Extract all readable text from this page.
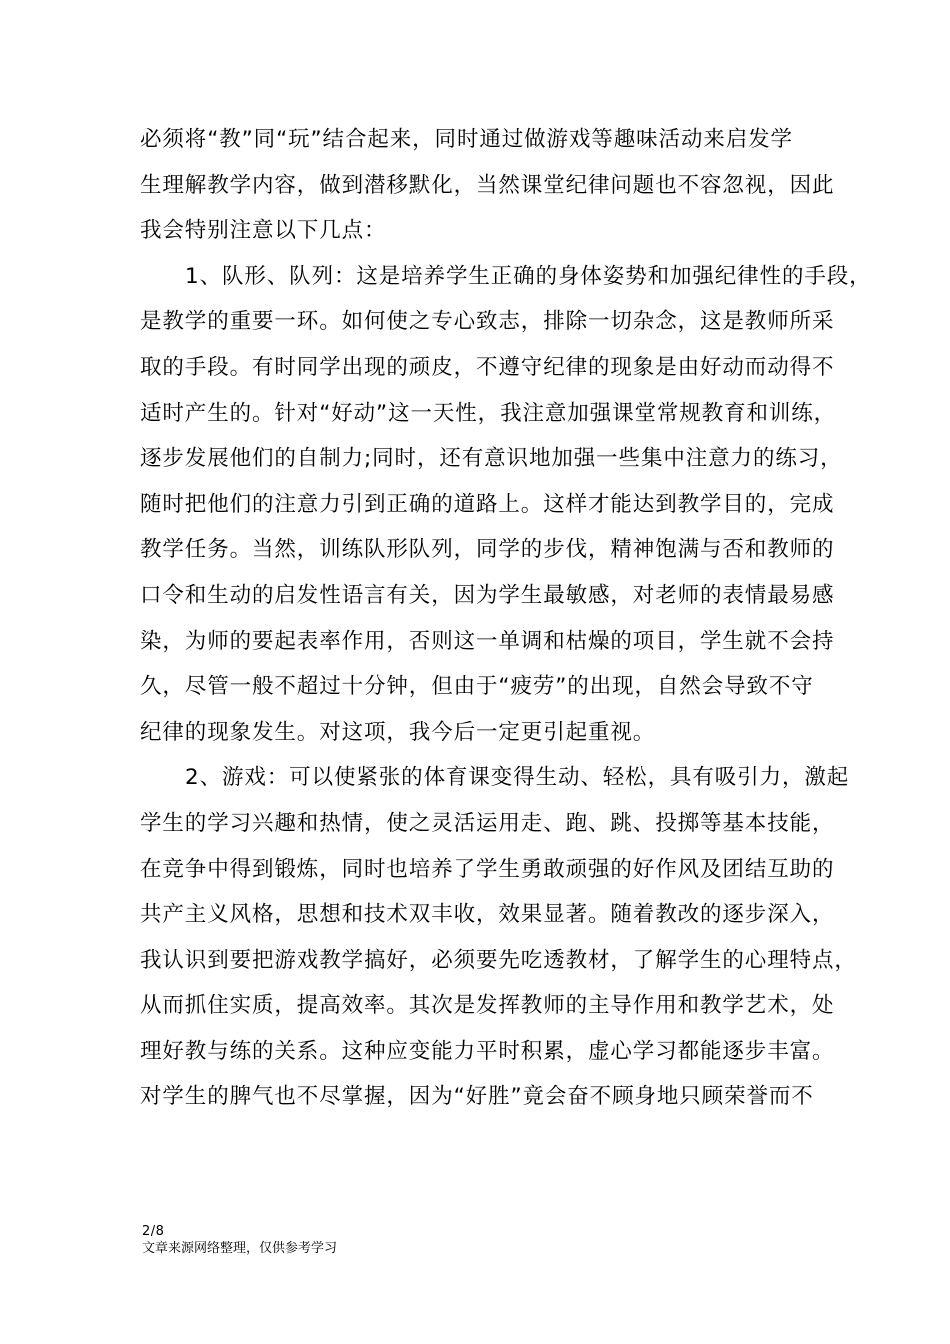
必须将“教”同“玩”结合起来，同时通过做游戏等趣味活动来启发学
生理解教学内容，做到潜移默化，当然课堂纪律问题也不容忽视，因此
我会特别注意以下几点：
1、队形、队列：这是培养学生正确的身体姿势和加强纪律性的手段，
是教学的重要一环。如何使之专心致志，排除一切杂念，这是教师所采
取的手段。有时同学出现的顽皮，不遵守纪律的现象是由好动而动得不
适时产生的。针对“好动”这一天性，我注意加强课堂常规教育和训练，
逐步发展他们的自制力;同时，还有意识地加强一些集中注意力的练习，
随时把他们的注意力引到正确的道路上。这样才能达到教学目的，完成
教学任务。当然，训练队形队列，同学的步伐，精神饱满与否和教师的
口令和生动的启发性语言有关，因为学生最敏感，对老师的表情最易感
染，为师的要起表率作用，否则这一单调和枯燥的项目，学生就不会持
久，尽管一般不超过十分钟，但由于“疲劳”的出现，自然会导致不守
纪律的现象发生。对这项，我今后一定更引起重视。
2、游戏：可以使紧张的体育课变得生动、轻松，具有吸引力，激起
学生的学习兴趣和热情，使之灵活运用走、跑、跳、投掷等基本技能，
在竞争中得到锻炼，同时也培养了学生勇敢顽强的好作风及团结互助的
共产主义风格，思想和技术双丰收，效果显著。随着教改的逐步深入，
我认识到要把游戏教学搞好，必须要先吃透教材，了解学生的心理特点，
从而抓住实质，提高效率。其次是发挥教师的主导作用和教学艺术，处
理好教与练的关系。这种应变能力平时积累，虚心学习都能逐步丰富。
对学生的脾气也不尽掌握，因为“好胜”竟会奋不顾身地只顾荣誉而不
2/8
文章来源网络整理，仅供参考学习
